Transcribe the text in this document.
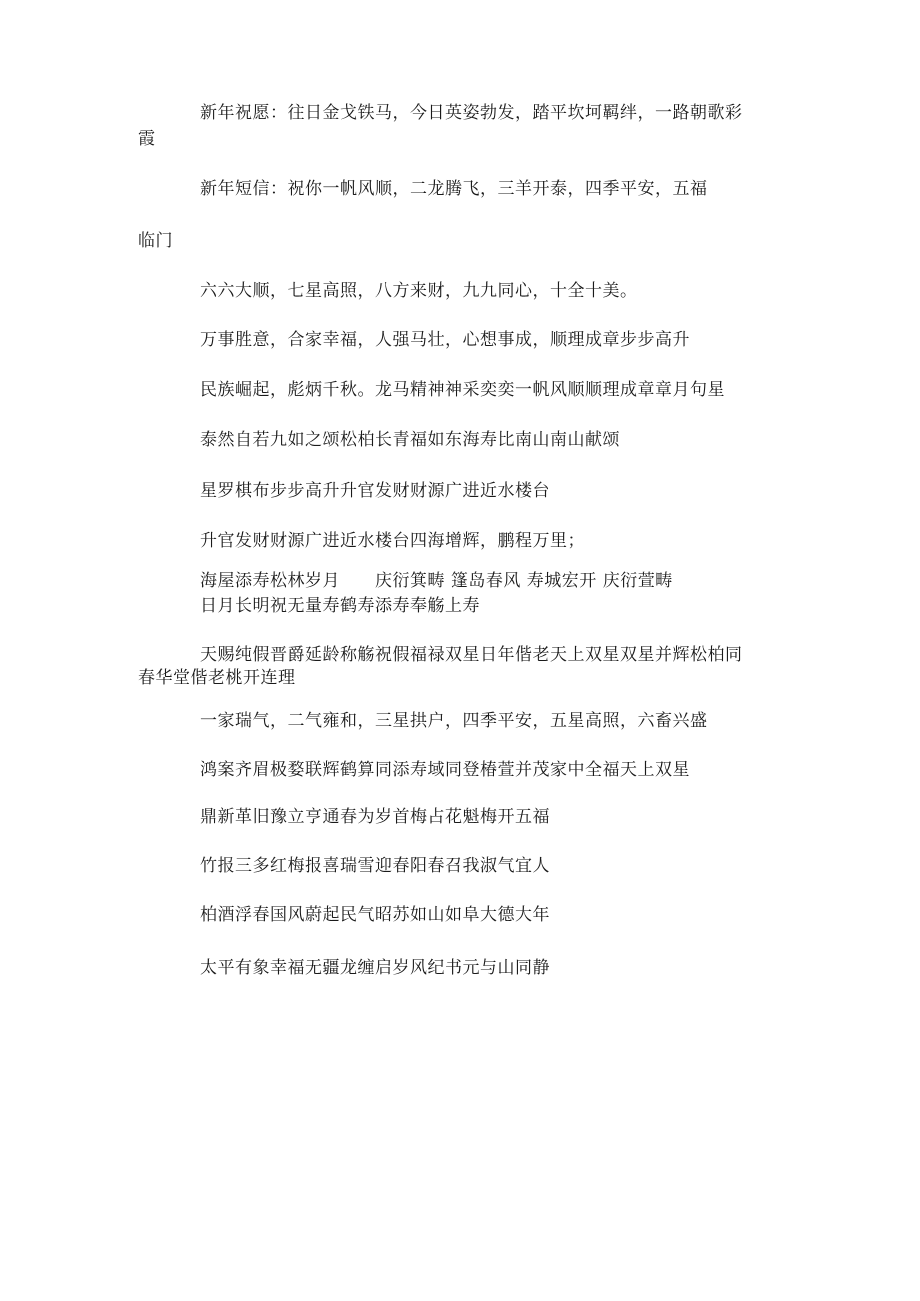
新年祝愿：往日金戈铁马，今日英姿勃发，踏平坎坷羁绊，一路朝歌彩
霞
新年短信：祝你一帆风顺，二龙腾飞，三羊开泰，四季平安，五福
临门
六六大顺，七星高照，八方来财，九九同心，十全十美。
万事胜意，合家幸福，人强马壮，心想事成，顺理成章步步高升
民族崛起，彪炳千秋。龙马精神神采奕奕一帆风顺顺理成章章月句星
泰然自若九如之颂松柏长青福如东海寿比南山南山献颂
星罗棋布步步高升升官发财财源广进近水楼台
升官发财财源广进近水楼台四海增辉，鹏程万里；
海屋添寿松林岁月　　庆衍箕畴 篷岛春风 寿城宏开 庆衍萱畴
日月长明祝无量寿鹤寿添寿奉觞上寿
天赐纯假晋爵延龄称觞祝假福禄双星日年偕老天上双星双星并辉松柏同
春华堂偕老桃开连理
一家瑞气，二气雍和，三星拱户，四季平安，五星高照，六畜兴盛
鸿案齐眉极婺联辉鹤算同添寿域同登椿萱并茂家中全福天上双星
鼎新革旧豫立亨通春为岁首梅占花魁梅开五福
竹报三多红梅报喜瑞雪迎春阳春召我淑气宜人
柏酒浮春国风蔚起民气昭苏如山如阜大德大年
太平有象幸福无疆龙缠启岁风纪书元与山同静
